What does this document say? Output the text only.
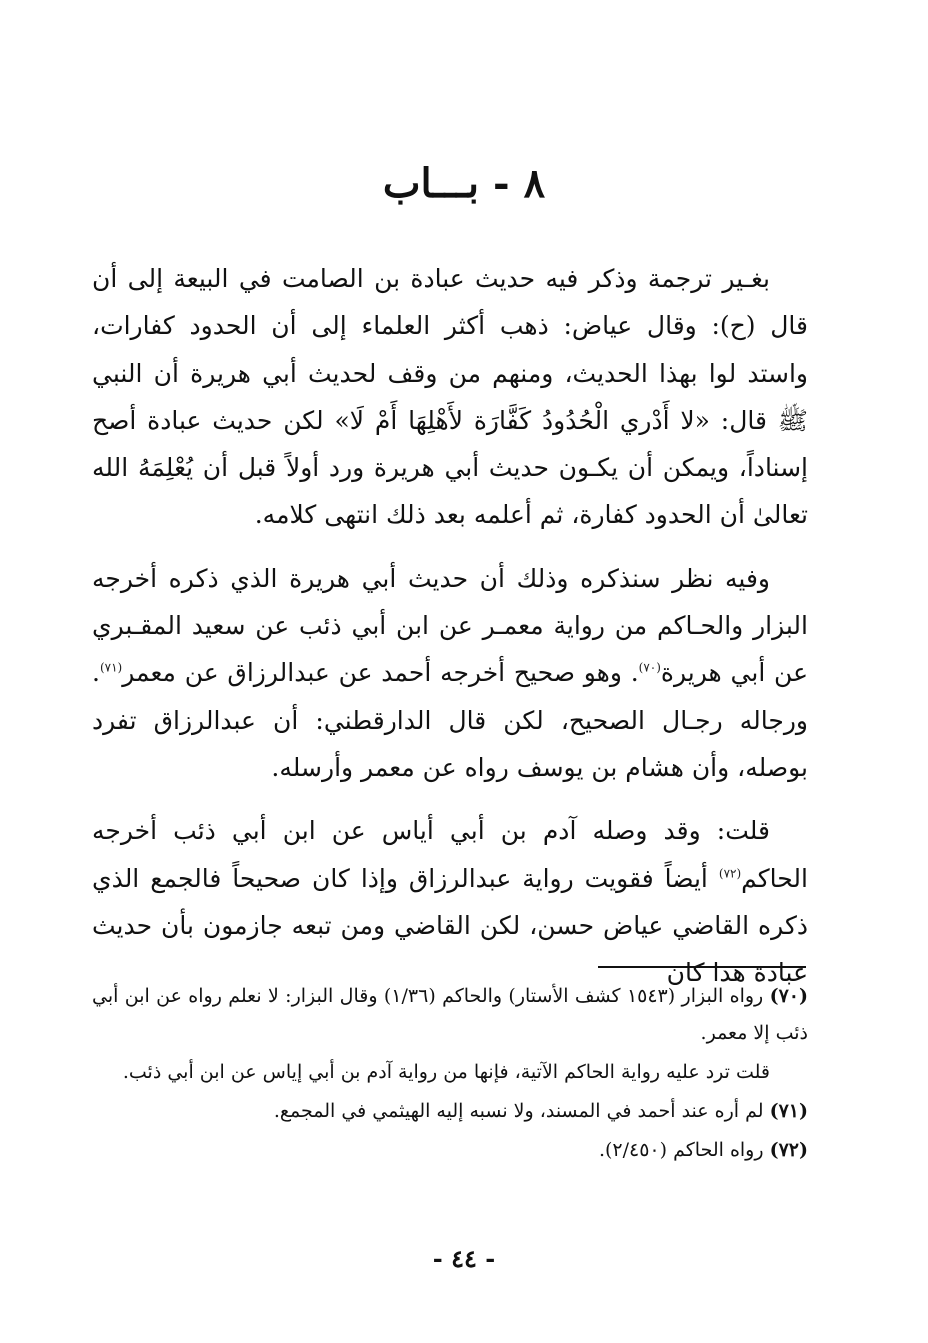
٨-بـــاب

بغـير ترجمة وذكر فيه حديث عبادة بن الصامت في البيعة إلى أن قال (ح): وقال عياض: ذهب أكثر العلماء إلى أن الحدود كفارات، واستد لوا بهذا الحديث، ومنهم من وقف لحديث أبي هريرة أن النبي ﷺ قال: «لا أَدْري الْحُدُودُ كَفَّارَة لأَهْلِهَا أَمْ لَا» لكن حديث عبادة أصح إسناداً، ويمكن أن يكـون حديث أبي هريرة ورد أولاً قبل أن يُعْلِمَهُ الله تعالىٰ أن الحدود كفارة، ثم أعلمه بعد ذلك انتهى كلامه.

وفيه نظر سنذكره وذلك أن حديث أبي هريرة الذي ذكره أخرجه البزار والحـاكم من رواية معمـر عن ابن أبي ذئب عن سعيد المقـبري عن أبي هريرة$^{(٧٠)}$. وهو صحيح أخرجه أحمد عن عبدالرزاق عن معمر$^{(٧١)}$. ورجاله رجـال الصحيح، لكن قال الدارقطني: أن عبدالرزاق تفرد بوصله، وأن هشام بن يوسف رواه عن معمر وأرسله.

قلت: وقد وصله آدم بن أبي أياس عن ابن أبي ذئب أخرجه الحاكم$^{(٧٢)}$ أيضاً فقويت رواية عبدالرزاق وإذا كان صحيحاً فالجمع الذي ذكره القاضي عياض حسن، لكن القاضي ومن تبعه جازمون بأن حديث عبادة هذا كان

(٧٠) رواه البزار (١٥٤٣ كشف الأستار) والحاكم (١/٣٦) وقال البزار: لا نعلم رواه عن ابن أبي ذئب إلا معمر.
قلت ترد عليه رواية الحاكم الآتية، فإنها من رواية آدم بن أبي إياس عن ابن أبي ذئب.
(٧١) لم أره عند أحمد في المسند، ولا نسبه إليه الهيثمي في المجمع.
(٧٢) رواه الحاكم (٢/٤٥٠).
- ٤٤ -
